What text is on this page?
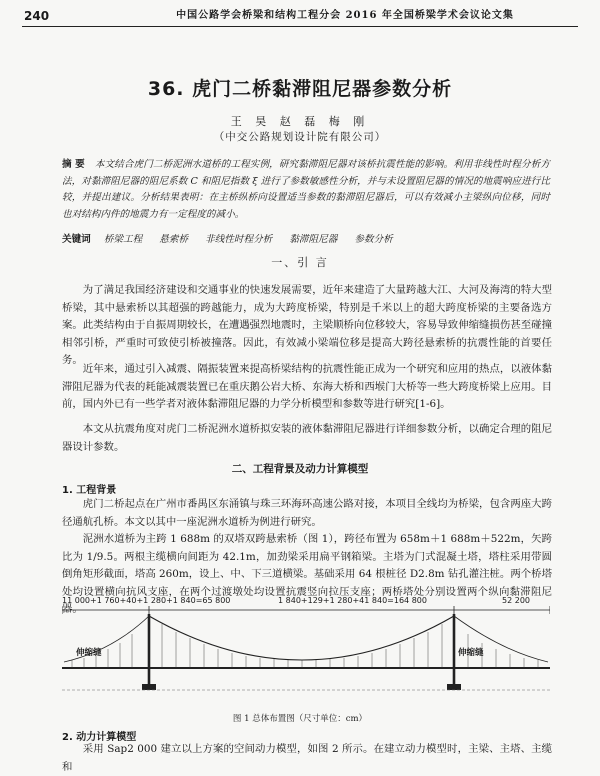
240	中国公路学会桥梁和结构工程分会 2016 年全国桥梁学术会议论文集
36. 虎门二桥黏滞阻尼器参数分析
王 昊 赵 磊 梅 刚
（中交公路规划设计院有限公司）
摘 要 本文结合虎门二桥泥洲水道桥的工程实例，研究黏滞阻尼器对该桥抗震性能的影响。利用非线性时程分析方法，对黏滞阻尼器的阻尼系数 C 和阻尼指数 ξ 进行了参数敏感性分析，并与未设置阻尼器的情况的地震响应进行比较，并提出建议。分析结果表明：在主桥纵桥向设置适当参数的黏滞阻尼器后，可以有效减小主梁纵向位移，同时也对结构内件的地震力有一定程度的减小。
关键词 桥梁工程 悬索桥 非线性时程分析 黏滞阻尼器 参数分析
一、引 言
为了满足我国经济建设和交通事业的快速发展需要，近年来建造了大量跨越大江、大河及海湾的特大型桥梁，其中悬索桥以其超强的跨越能力，成为大跨度桥梁，特别是千米以上的超大跨度桥梁的主要备选方案。此类结构由于自振周期较长，在遭遇强烈地震时，主梁顺桥向位移较大，容易导致伸缩缝损伤甚至碰撞相邻引桥，严重时可致使引桥被撞落。因此，有效减小梁端位移是提高大跨径悬索桥的抗震性能的首要任务。
近年来，通过引入减震、隔振装置来提高桥梁结构的抗震性能正成为一个研究和应用的热点，以液体黏滞阻尼器为代表的耗能减震装置已在重庆鹅公岩大桥、东海大桥和西堠门大桥等一些大跨度桥梁上应用。目前，国内外已有一些学者对液体黏滞阻尼器的力学分析模型和参数等进行研究[1-6]。
本文从抗震角度对虎门二桥泥洲水道桥拟安装的液体黏滞阻尼器进行详细参数分析，以确定合理的阻尼器设计参数。
二、工程背景及动力计算模型
1. 工程背景
虎门二桥起点在广州市番禺区东涌镇与珠三环海环高速公路对接，本项目全线均为桥梁，包含两座大跨径通航孔桥。本文以其中一座泥洲水道桥为例进行研究。
泥洲水道桥为主跨 1 688m 的双塔双跨悬索桥（图 1），跨径布置为 658m＋1 688m＋522m，矢跨比为 1/9.5。两根主缆横向间距为 42.1m，加劲梁采用扁平钢箱梁。主塔为门式混凝土塔，塔柱采用带圆倒角矩形截面，塔高 260m，设上、中、下三道横梁。基础采用 64 根桩径 D2.8m 钻孔灌注桩。两个桥塔处均设置横向抗风支座，在两个过渡墩处均设置抗震竖向拉压支座；两桥塔处分别设置两个纵向黏滞阻尼器。
11 000+1 760+40+1 280+1 840=65 800	1 840+129+1 280+41 840=164 800	52 200
伸缩缝	伸缩缝
图 1 总体布置图（尺寸单位：cm）
2. 动力计算模型
采用 Sap2 000 建立以上方案的空间动力模型，如图 2 所示。在建立动力模型时，主梁、主塔、主缆和
